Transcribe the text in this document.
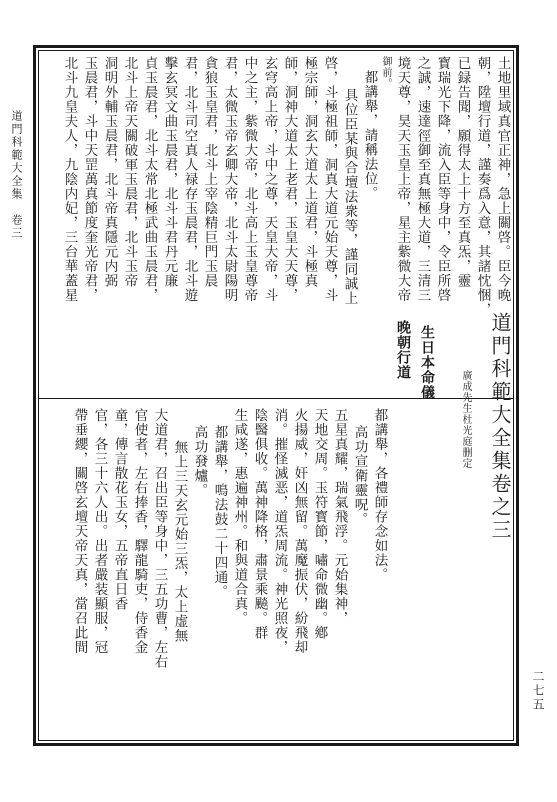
道門科範大全集　卷三
二七五
土地里域真官正神，急上關啓。臣今晚
朝，陞壇行道，謹奏爲入意，其諸忱悃，
已録告聞，願得太上十方至真炁，靈
寳瑞光下降，流入臣等身中，令臣所啓
之誠，速達徑御至真無極大道，三清三
境天尊，昊天玉皇上帝，星主紫微大帝
御前。
都講舉，請稱法位。
具位臣某與合壇法衆等，謹同誠上
啓，斗極祖師，洞真大道元始天尊，斗
極宗師，洞玄大道太上道君，斗極真
師，洞神大道太上老君，玉皇大天尊，
玄穹高上帝，斗中之尊，天皇大帝，斗
中之主，紫微大帝，北斗高上玉皇尊帝
君，太微玉帝玄卿大帝，北斗太尉陽明
貪狼玉皇君，北斗上宰陰精巨門玉晨
君，北斗司空真人禄存玉晨君，北斗遊
擊玄冥文曲玉晨君，北斗斗君丹元廉
貞玉晨君，北斗太常北極武曲玉晨君，
北斗上帝天關破軍玉晨君，北斗玉帝
洞明外輔玉晨君，北斗帝真隱元内弼
玉晨君，斗中天罡萬真節度奎光帝君，
北斗九皇夫人，九陰内妃，三台華蓋星
道門科範大全集卷之三
廣成先生杜光庭删定
生日本命儀
晚朝行道
都講舉，各禮師存念如法。
高功宣衛靈呪。
五星真耀，瑞氣飛浮。元始集神，
天地交周。玉符寳節，嘯命微幽。鄕
火揚威，奸凶無留。萬魔振伏，紛飛却
消。摧怪滅恶，道炁周流。神光照夜，
陰醫俱收。萬神降格，肅景乘飈。群
生咸遂，惠遍神州。和與道合真。
都講舉，鳴法鼓二十四通。
高功發爐。
無上三天玄元始三炁，太上虚無
大道君，召出臣等身中，三五功曹，左右
官使者，左右捧香，驛龍騎吏，侍香金
童，傳言散花玉女，五帝直日香
官，各三十六人出。出者嚴装顯服，冠
帶垂纓，關啓玄壇天帝天真，當召此間
